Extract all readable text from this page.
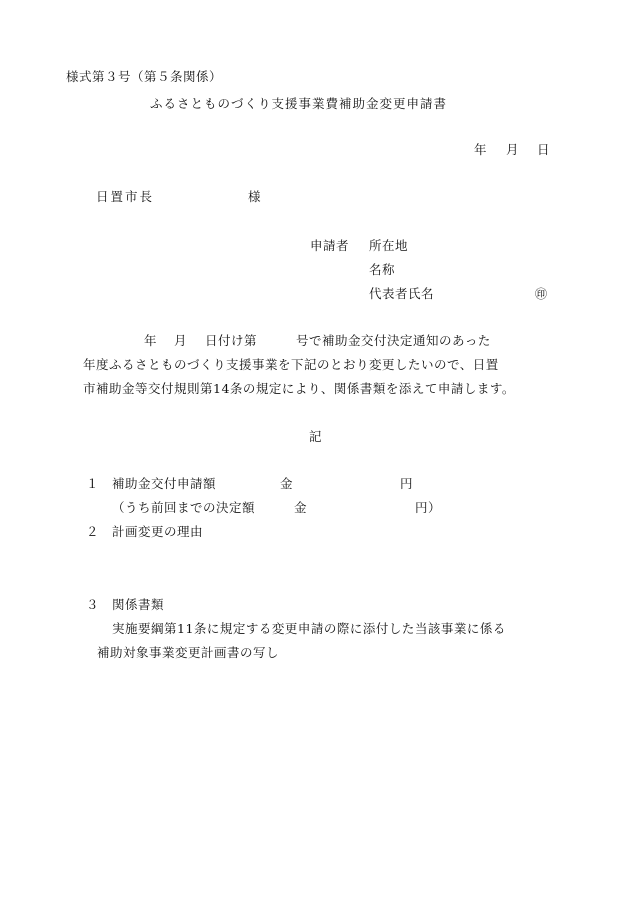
様式第３号（第５条関係）
ふるさとものづくり支援事業費補助金変更申請書
年 月 日
日置市長	様
申請者 所在地
名称
代表者氏名	㊞
年 月 日付け第	号で補助金交付決定通知のあった
年度ふるさとものづくり支援事業を下記のとおり変更したいので、日置
市補助金等交付規則第14条の規定により、関係書類を添えて申請します。
記
１ 補助金交付申請額	金	円
（うち前回までの決定額	金	円）
２ 計画変更の理由
３ 関係書類
実施要綱第11条に規定する変更申請の際に添付した当該事業に係る
補助対象事業変更計画書の写し
